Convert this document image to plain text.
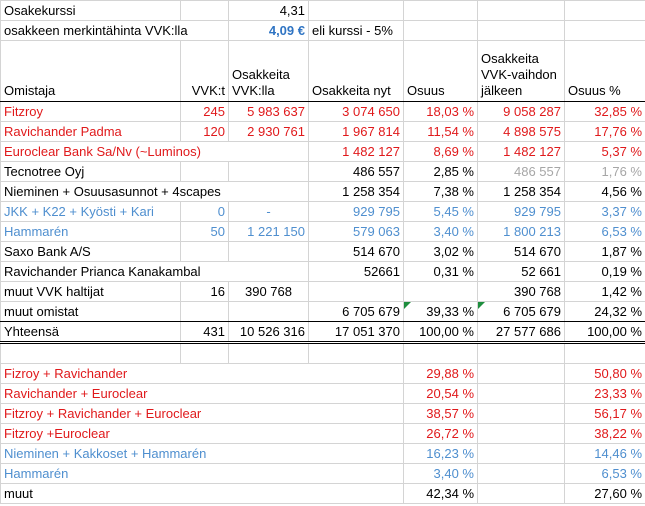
Osakekurssi		4,31				
osakkeen merkintähinta VVK:lla		4,09 €	eli kurssi - 5%			
Omistaja	VVK:t	Osakkeita VVK:lla	Osakkeita nyt	Osuus	Osakkeita VVK-vaihdon jälkeen	Osuus %
Fitzroy	245	5 983 637	3 074 650	18,03 %	9 058 287	32,85 %
Ravichander Padma	120	2 930 761	1 967 814	11,54 %	4 898 575	17,76 %
Euroclear Bank Sa/Nv (~Luminos)			1 482 127	8,69 %	1 482 127	5,37 %
Tecnotree Oyj			486 557	2,85 %	486 557	1,76 %
Nieminen + Osuusasunnot + 4scapes			1 258 354	7,38 %	1 258 354	4,56 %
JKK + K22 + Kyösti + Kari	0	-	929 795	5,45 %	929 795	3,37 %
Hammarén	50	1 221 150	579 063	3,40 %	1 800 213	6,53 %
Saxo Bank A/S			514 670	3,02 %	514 670	1,87 %
Ravichander Prianca Kanakambal			52661	0,31 %	52 661	0,19 %
muut VVK haltijat	16	390 768			390 768	1,42 %
muut omistat			6 705 679	39,33 %	6 705 679	24,32 %
Yhteensä	431	10 526 316	17 051 370	100,00 %	27 577 686	100,00 %

Fizroy + Ravichander				29,88 %		50,80 %
Ravichander + Euroclear				20,54 %		23,33 %
Fitzroy + Ravichander + Euroclear				38,57 %		56,17 %
Fitzroy +Euroclear				26,72 %		38,22 %
Nieminen + Kakkoset + Hammarén				16,23 %		14,46 %
Hammarén				3,40 %		6,53 %
muut				42,34 %		27,60 %
